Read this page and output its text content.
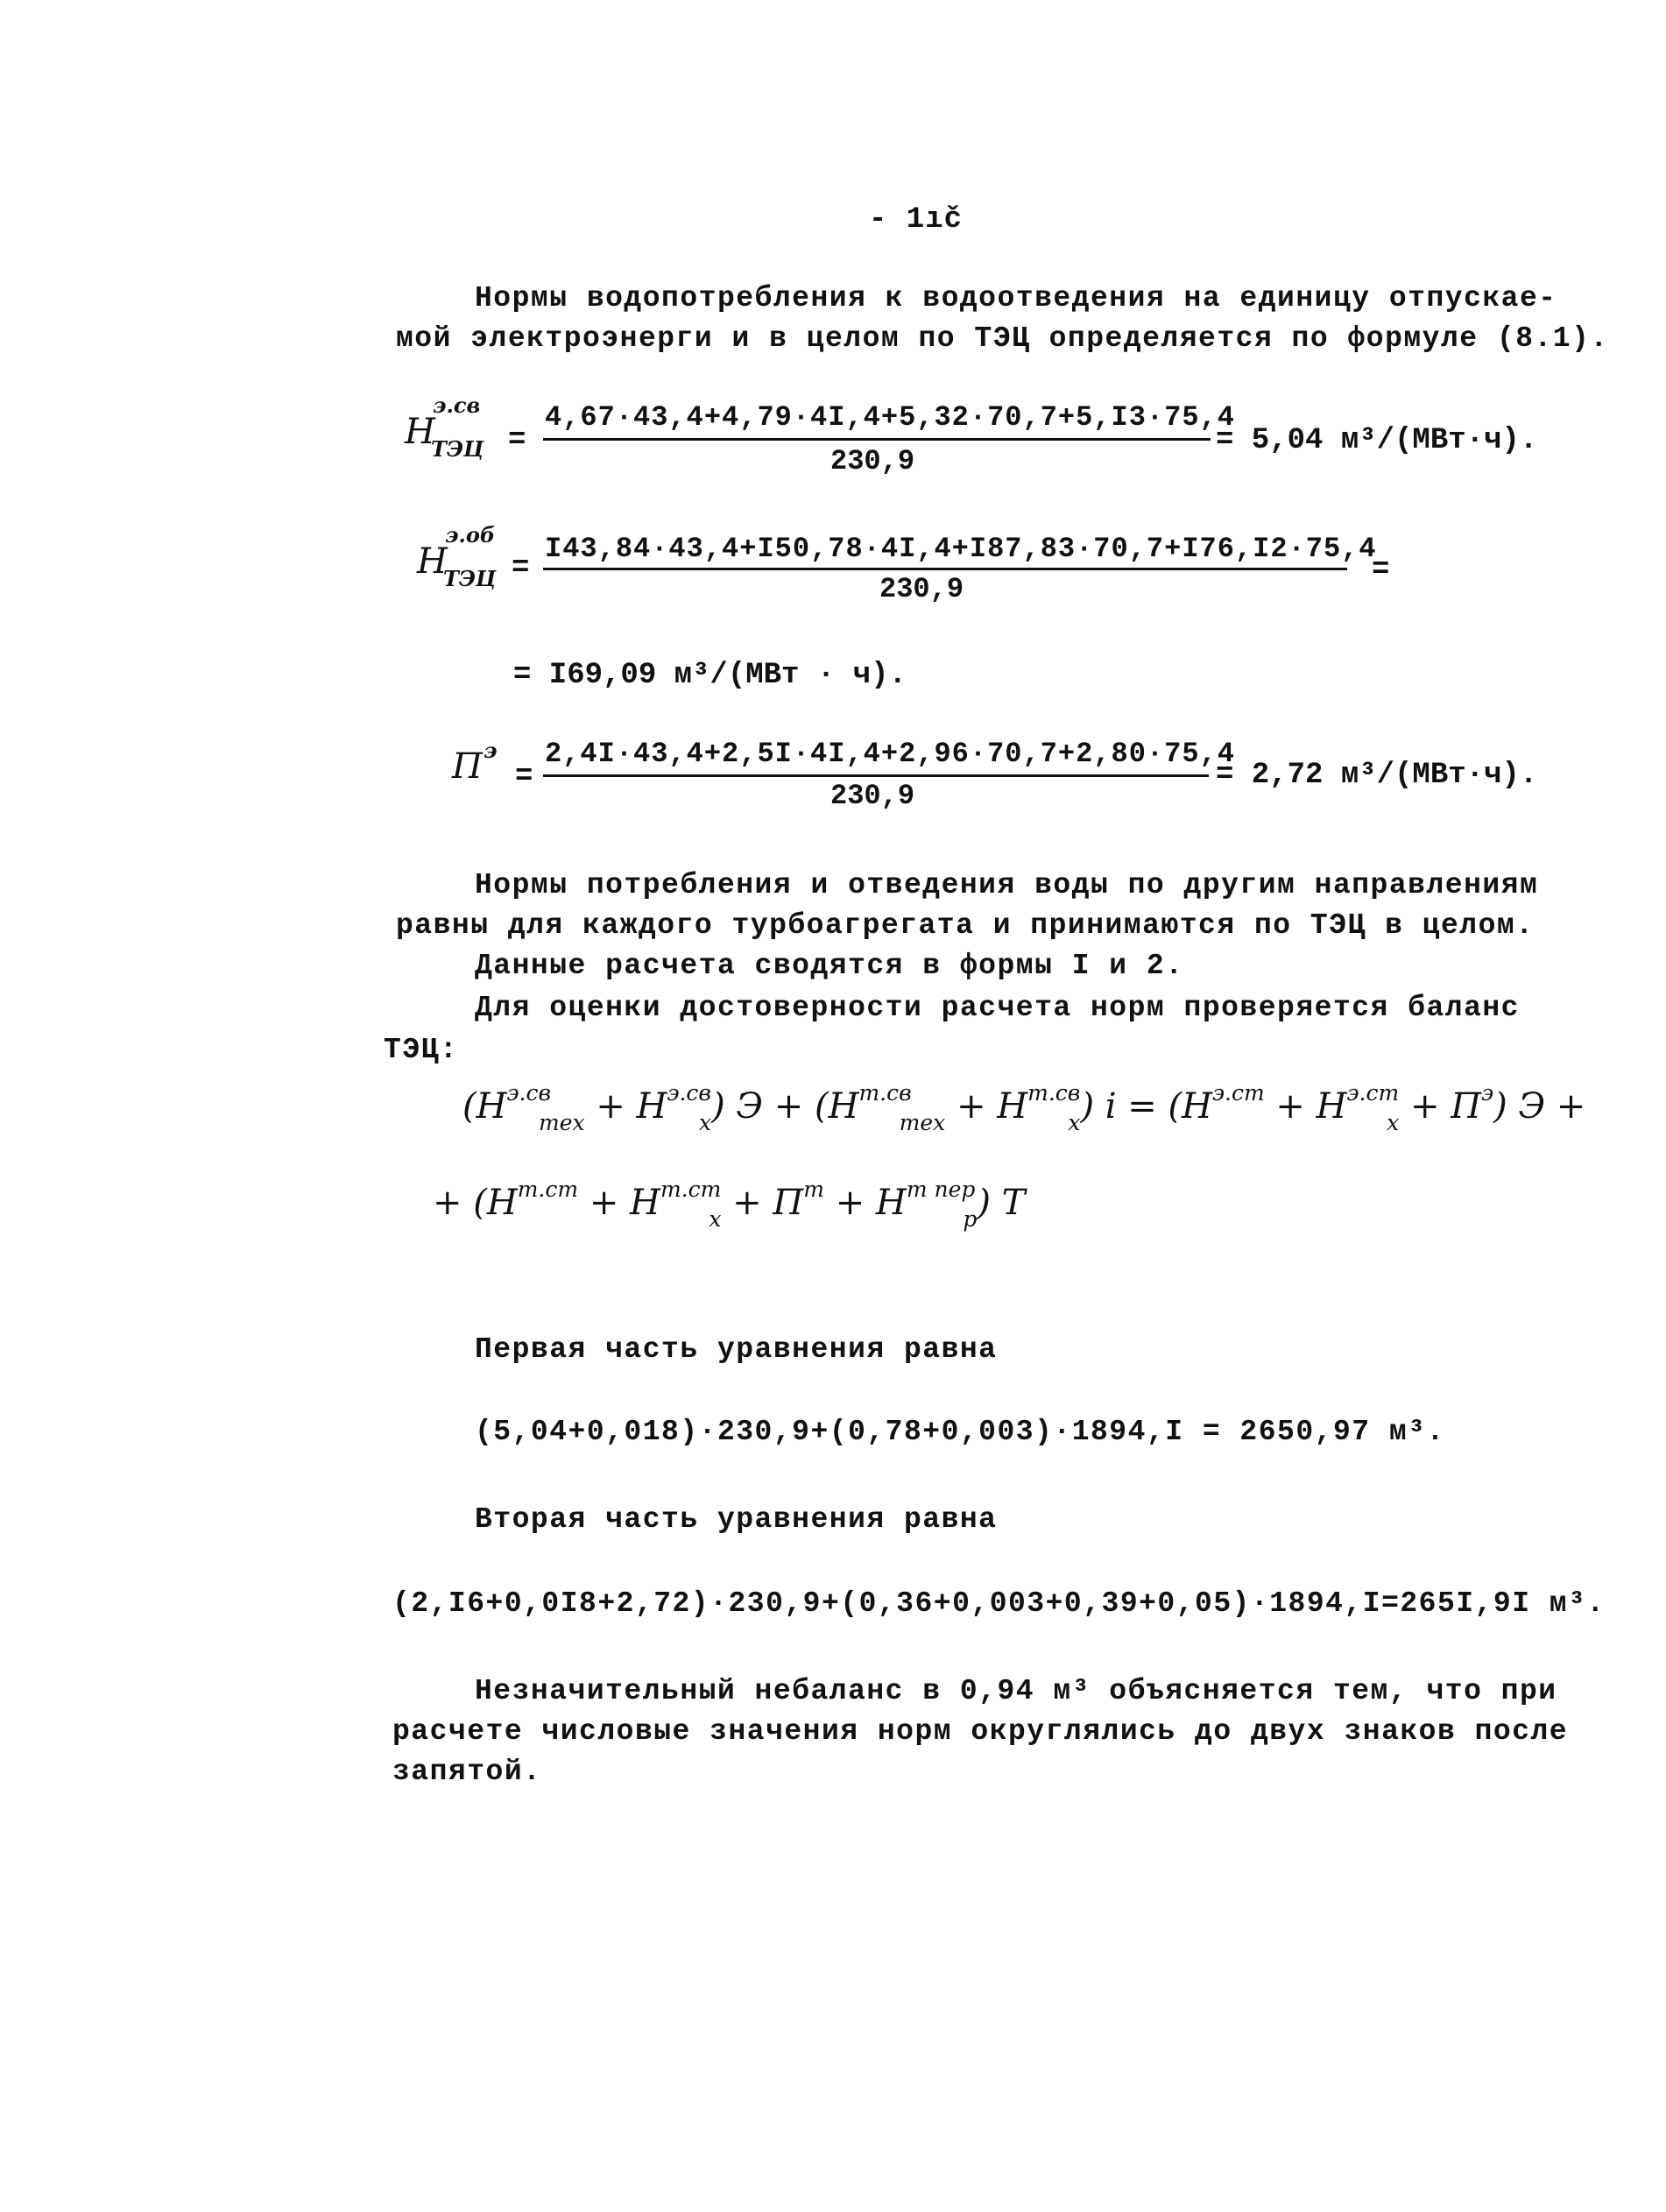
- 1ıč
Нормы водопотребления к водоотведения на единицу отпускае-
мой электроэнерги и в целом по ТЭЦ определяется по формуле (8.1).
H
э.св
ТЭЦ =
4,67·43,4+4,79·4I,4+5,32·70,7+5,I3·75,4
230,9
= 5,04 м³/(МВт·ч).
H
э.об
ТЭЦ =
I43,84·43,4+I50,78·4I,4+I87,83·70,7+I76,I2·75,4
230,9
=
= I69,09 м³/(МВт · ч).
П э
=
2,4I·43,4+2,5I·4I,4+2,96·70,7+2,80·75,4
230,9
= 2,72 м³/(МВт·ч).
Нормы потребления и отведения воды по другим направлениям
равны для каждого турбоагрегата и принимаются по ТЭЦ в целом.
Данные расчета сводятся в формы I и 2.
Для оценки достоверности расчета норм проверяется баланс
ТЭЦ:
$(H^{э.св}_{тех} + H^{э.св}_х) Э + (H^{т.св}_{тех} + H^{т.св}_х) i = (H^{э.ст} + H^{э.ст}_х + П^э) Э$ +
+ $(H^{т.ст} + H^{т.ст}_х + П^т + H^{т пер}_р)$ T
Первая часть уравнения равна
(5,04+0,018)·230,9+(0,78+0,003)·1894,I = 2650,97 м³.
Вторая часть уравнения равна
(2,I6+0,0I8+2,72)·230,9+(0,36+0,003+0,39+0,05)·1894,I=265I,9I м³.
Незначительный небаланс в 0,94 м³ объясняется тем, что при
расчете числовые значения норм округлялись до двух знаков после
запятой.
